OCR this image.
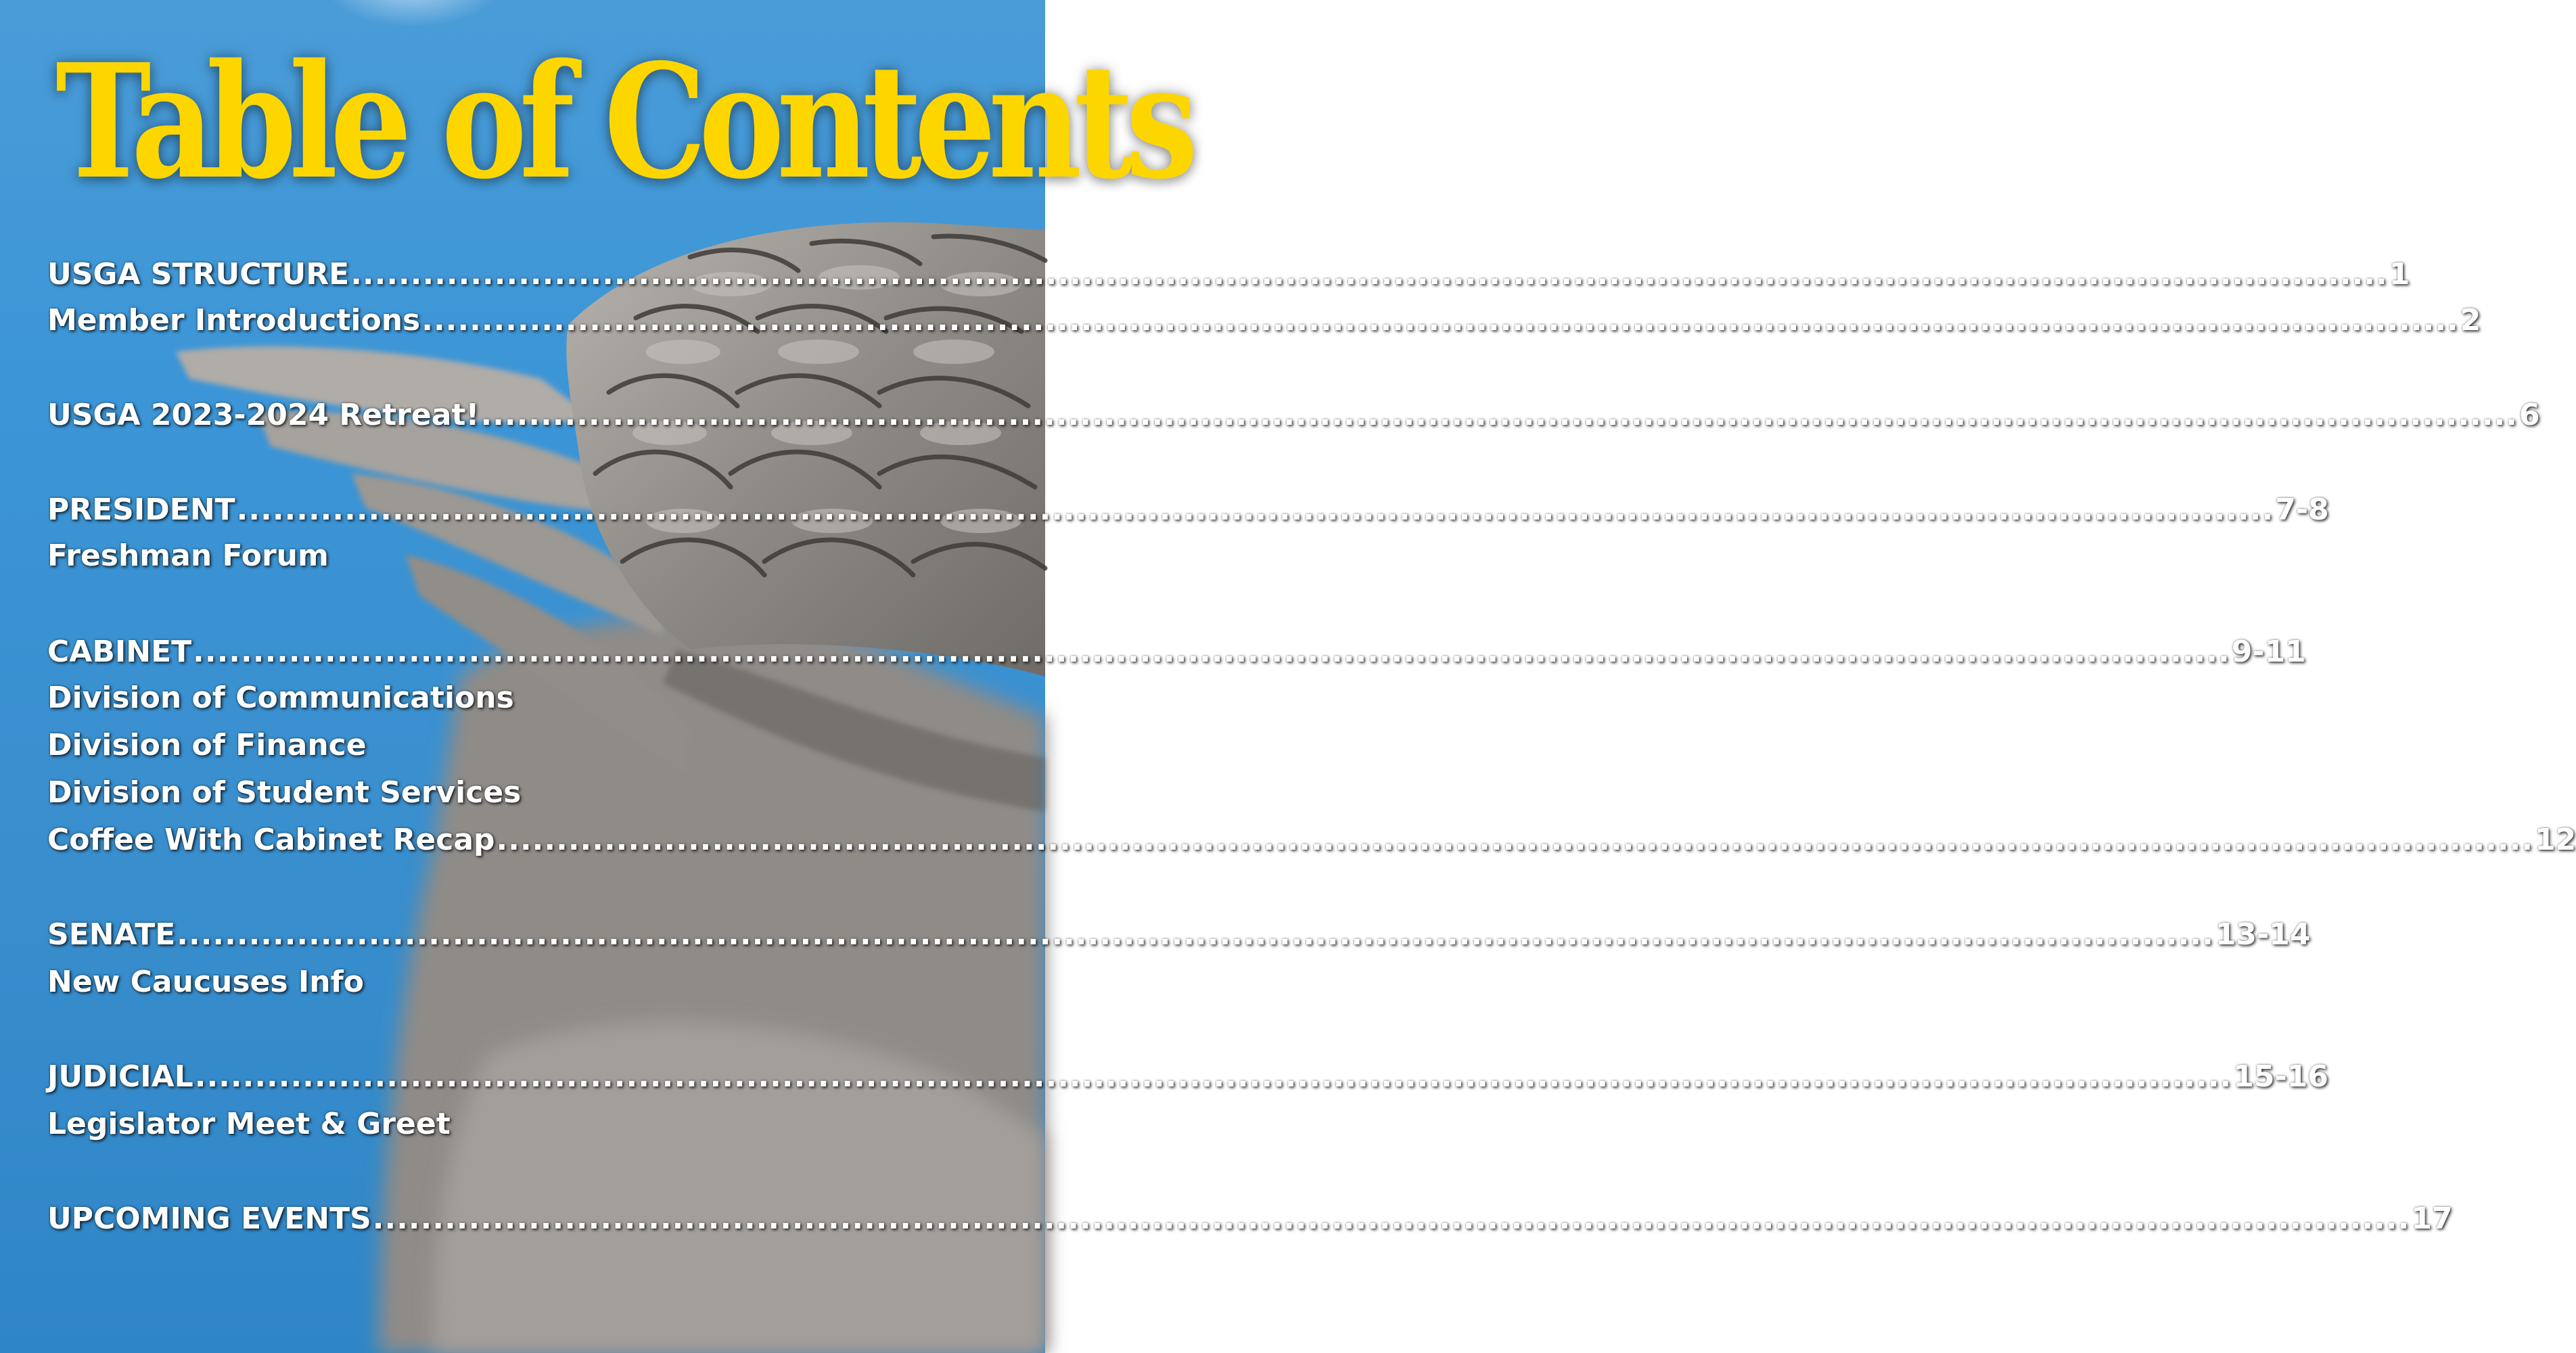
Table of Contents
USGA STRUCTURE .......................................................................................................................................................................... 1
Member Introductions .......................................................................................................................................................................... 2
USGA 2023-2024 Retreat! .......................................................................................................................................................................... 6
PRESIDENT .......................................................................................................................................................................... 7-8
Freshman Forum
CABINET .......................................................................................................................................................................... 9-11
Division of Communications
Division of Finance
Division of Student Services
Coffee With Cabinet Recap .......................................................................................................................................................................... 12
SENATE .......................................................................................................................................................................... 13-14
New Caucuses Info
JUDICIAL .......................................................................................................................................................................... 15-16
Legislator Meet & Greet
UPCOMING EVENTS .......................................................................................................................................................................... 17
